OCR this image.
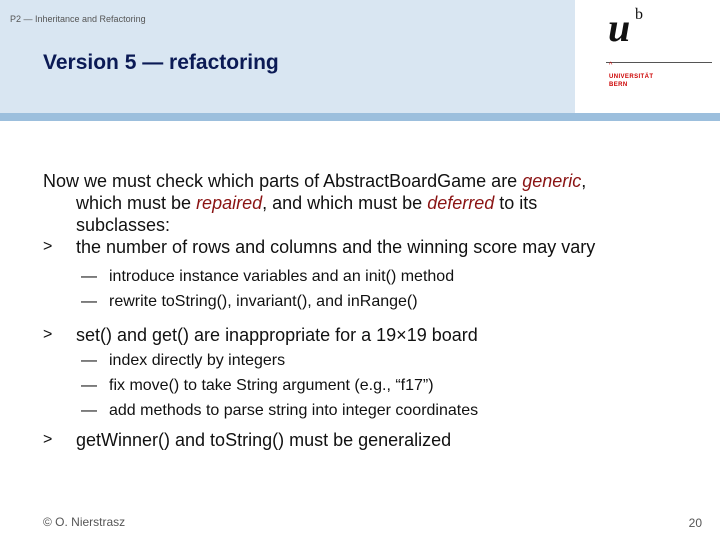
P2 — Inheritance and Refactoring
Version 5 — refactoring
u b
^
UNIVERSITÄT
BERN
Now we must check which parts of AbstractBoardGame are generic,
which must be repaired, and which must be deferred to its
subclasses:
> the number of rows and columns and the winning score may vary
— introduce instance variables and an init() method
— rewrite toString(), invariant(), and inRange()
> set() and get() are inappropriate for a 19×19 board
— index directly by integers
— fix move() to take String argument (e.g., “f17”)
— add methods to parse string into integer coordinates
> getWinner() and toString() must be generalized
© O. Nierstrasz	20
